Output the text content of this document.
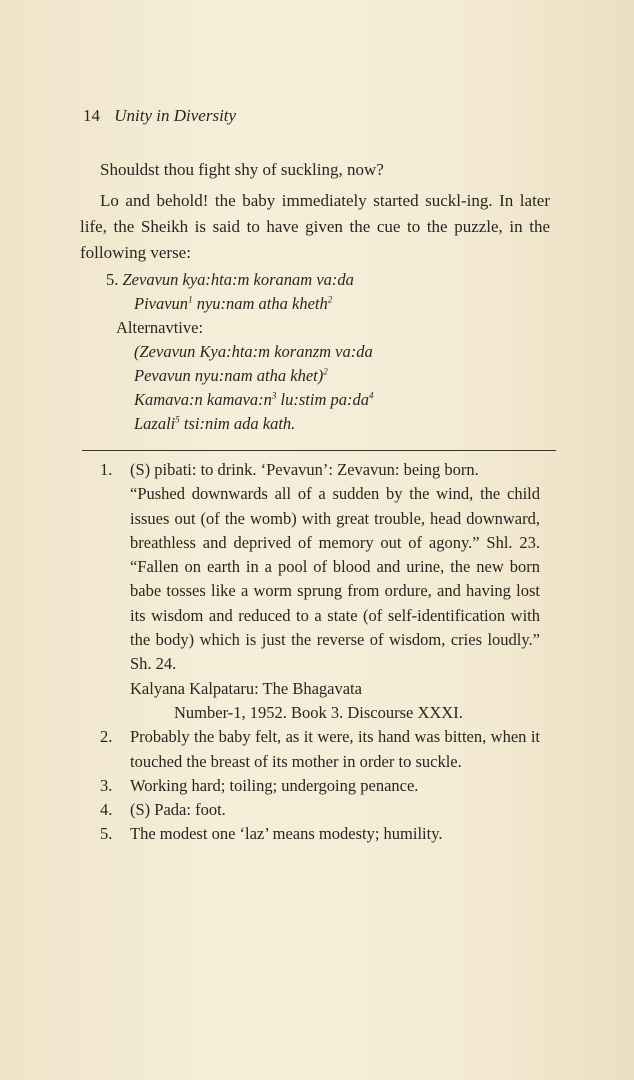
14 Unity in Diversity
Shouldst thou fight shy of suckling, now?
Lo and behold! the baby immediately started suckl-ing. In later life, the Sheikh is said to have given the cue to the puzzle, in the following verse:
5. Zevavun kya:hta:m koranam va:da
Pivavun$^1$ nyu:nam atha kheth$^2$
Alternavtive:
(Zevavun Kya:hta:m koranzm va:da
Pevavun nyu:nam atha khet)$^2$
Kamava:n $kamava:n^3$ lu:stim $pa:da^4$
Lazali$^5$ tsi:nim ada kath.
1.	(S) pibati: to drink. ‘Pevavun’: Zevavun: being born.

“Pushed downwards all of a sudden by the wind, the child issues out (of the womb) with great trouble, head downward, breathless and deprived of memory out of agony.” Shl. 23. “Fallen on earth in a pool of blood and urine, the new born babe tosses like a worm sprung from ordure, and having lost its wisdom and reduced to a state (of self-identification with the body) which is just the reverse of wisdom, cries loudly.” Sh. 24.

Kalyana Kalpataru: The Bhagavata

Number-1, 1952. Book 3. Discourse XXXI.

2.	Probably the baby felt, as it were, its hand was bitten, when it touched the breast of its mother in order to suckle.
3.	Working hard; toiling; undergoing penance.
4.	(S) Pada: foot.
5.	The modest one ‘laz’ means modesty; humility.
